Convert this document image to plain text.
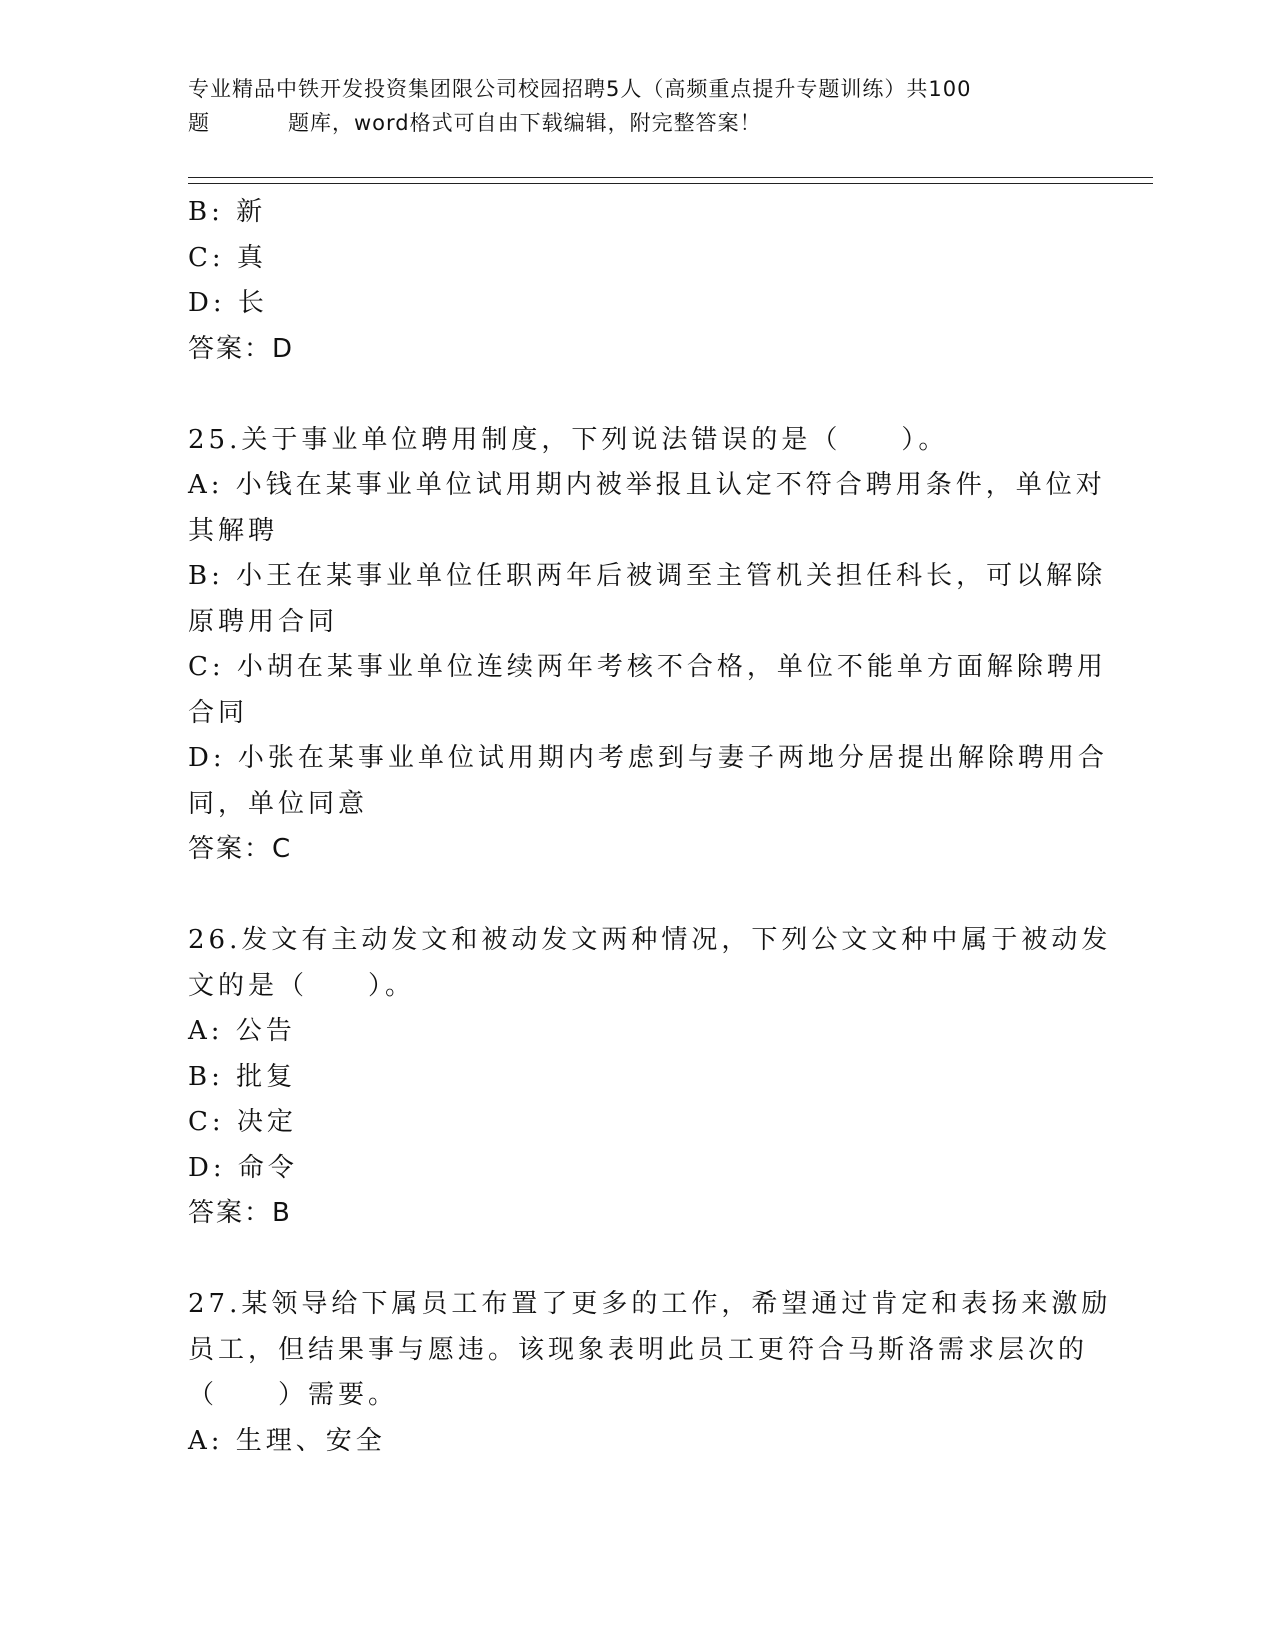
专业精品中铁开发投资集团限公司校园招聘5人（高频重点提升专题训练）共100
题	题库，word格式可自由下载编辑，附完整答案！
B: 新
C: 真
D: 长
答案：D
25.关于事业单位聘用制度，下列说法错误的是（　　）。
A: 小钱在某事业单位试用期内被举报且认定不符合聘用条件，单位对
其解聘
B: 小王在某事业单位任职两年后被调至主管机关担任科长，可以解除
原聘用合同
C: 小胡在某事业单位连续两年考核不合格，单位不能单方面解除聘用
合同
D: 小张在某事业单位试用期内考虑到与妻子两地分居提出解除聘用合
同，单位同意
答案：C
26.发文有主动发文和被动发文两种情况，下列公文文种中属于被动发
文的是（　　）。
A: 公告
B: 批复
C: 决定
D: 命令
答案：B
27.某领导给下属员工布置了更多的工作，希望通过肯定和表扬来激励
员工，但结果事与愿违。该现象表明此员工更符合马斯洛需求层次的
（　　）需要。
A: 生理、安全
